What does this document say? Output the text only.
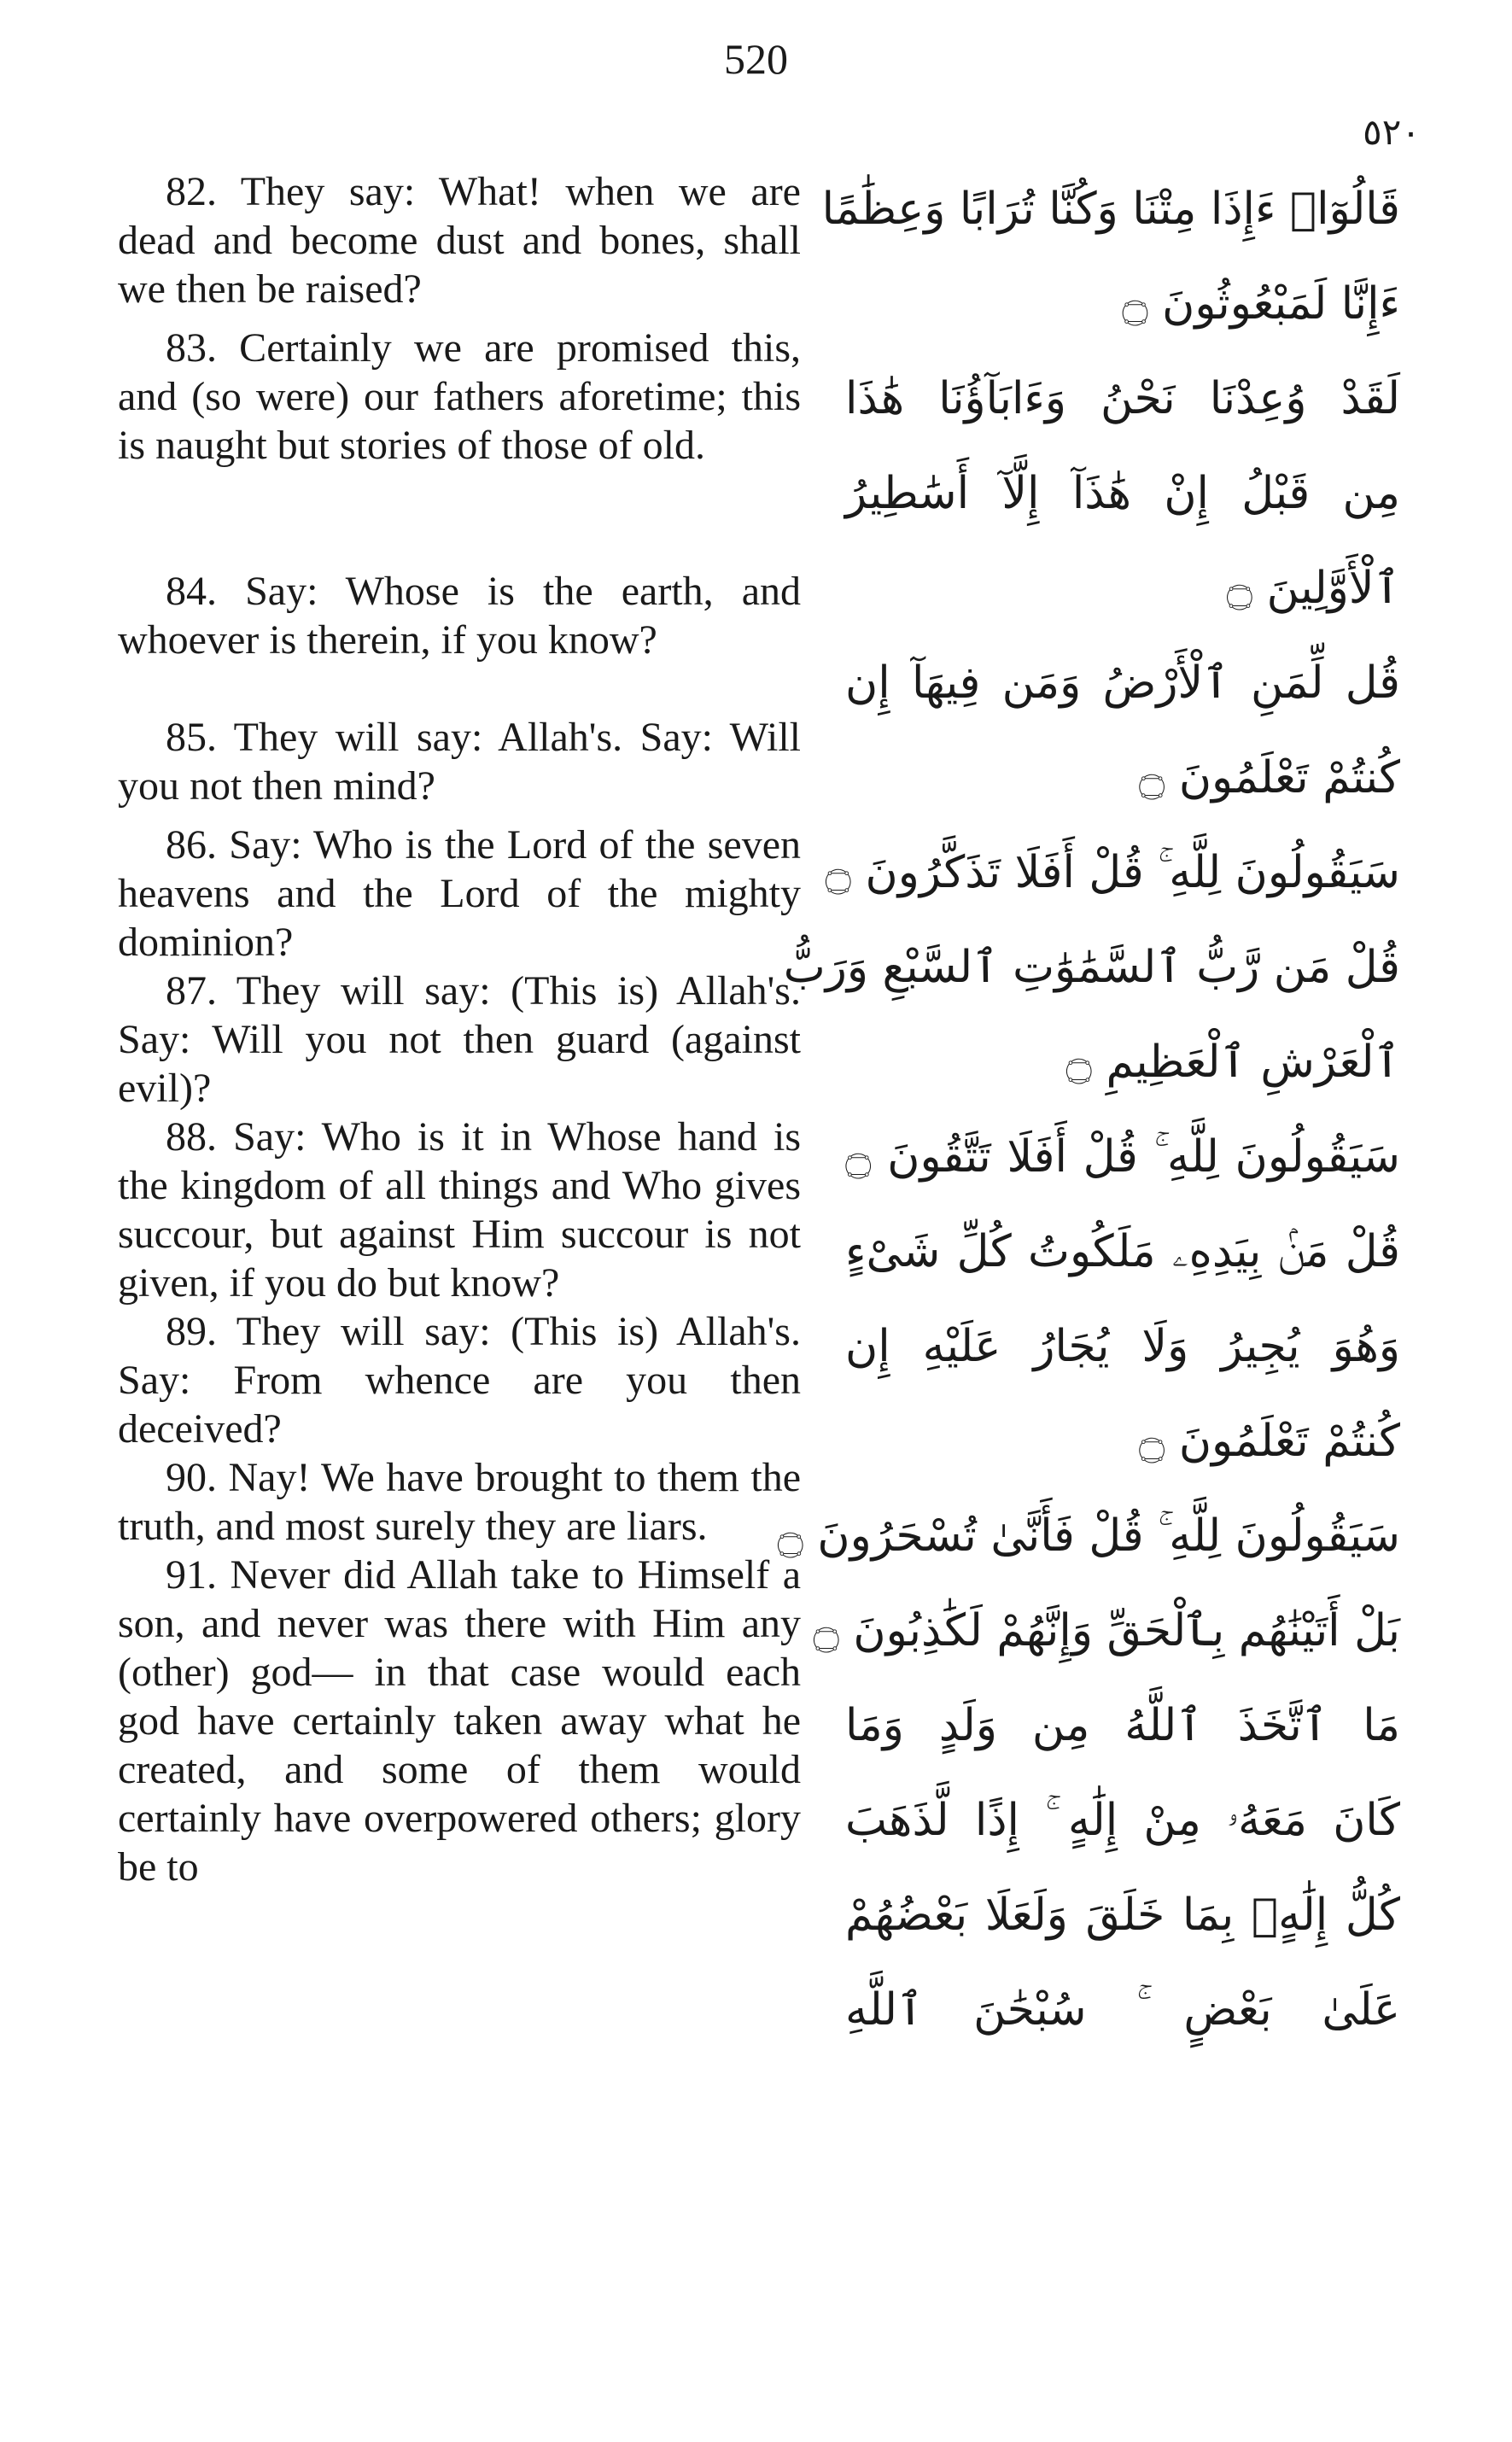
520
٥٢٠

82. They say: What! when we are dead and become dust and bones, shall we then be raised?

83. Certainly we are promised this, and (so were) our fathers aforetime; this is naught but stories of those of old.

84. Say: Whose is the earth, and whoever is therein, if you know?

85. They will say: Allah's. Say: Will you not then mind?

86. Say: Who is the Lord of the seven heavens and the Lord of the mighty dominion?

87. They will say: (This is) Allah's. Say: Will you not then guard (against evil)?

88. Say: Who is it in Whose hand is the kingdom of all things and Who gives succour, but against Him succour is not given, if you do but know?

89. They will say: (This is) Allah's. Say: From whence are you then deceived?

90. Nay! We have brought to them the truth, and most surely they are liars.

91. Never did Allah take to Himself a son, and never was there with Him any (other) god— in that case would each god have certainly taken away what he created, and some of them would certainly have overpowered others; glory be to

قَالُوٓا۟ ءَإِذَا مِتْنَا وَكُنَّا تُرَابًا وَعِظَٰمًا
ءَإِنَّا لَمَبْعُوثُونَ ۝
لَقَدْ وُعِدْنَا نَحْنُ وَءَابَآؤُنَا هَٰذَا
مِن قَبْلُ إِنْ هَٰذَآ إِلَّآ أَسَٰطِيرُ
ٱلْأَوَّلِينَ ۝
قُل لِّمَنِ ٱلْأَرْضُ وَمَن فِيهَآ إِن
كُنتُمْ تَعْلَمُونَ ۝
سَيَقُولُونَ لِلَّهِ ۚ قُلْ أَفَلَا تَذَكَّرُونَ ۝
قُلْ مَن رَّبُّ ٱلسَّمَٰوَٰتِ ٱلسَّبْعِ وَرَبُّ
ٱلْعَرْشِ ٱلْعَظِيمِ ۝
سَيَقُولُونَ لِلَّهِ ۚ قُلْ أَفَلَا تَتَّقُونَ ۝
قُلْ مَنۢ بِيَدِهِۦ مَلَكُوتُ كُلِّ شَىْءٍ
وَهُوَ يُجِيرُ وَلَا يُجَارُ عَلَيْهِ إِن
كُنتُمْ تَعْلَمُونَ ۝
سَيَقُولُونَ لِلَّهِ ۚ قُلْ فَأَنَّىٰ تُسْحَرُونَ ۝
بَلْ أَتَيْنَٰهُم بِٱلْحَقِّ وَإِنَّهُمْ لَكَٰذِبُونَ ۝
مَا ٱتَّخَذَ ٱللَّهُ مِن وَلَدٍ وَمَا
كَانَ مَعَهُۥ مِنْ إِلَٰهٍ ۚ إِذًا لَّذَهَبَ
كُلُّ إِلَٰهٍۭ بِمَا خَلَقَ وَلَعَلَا بَعْضُهُمْ
عَلَىٰ بَعْضٍ ۚ سُبْحَٰنَ ٱللَّهِ
